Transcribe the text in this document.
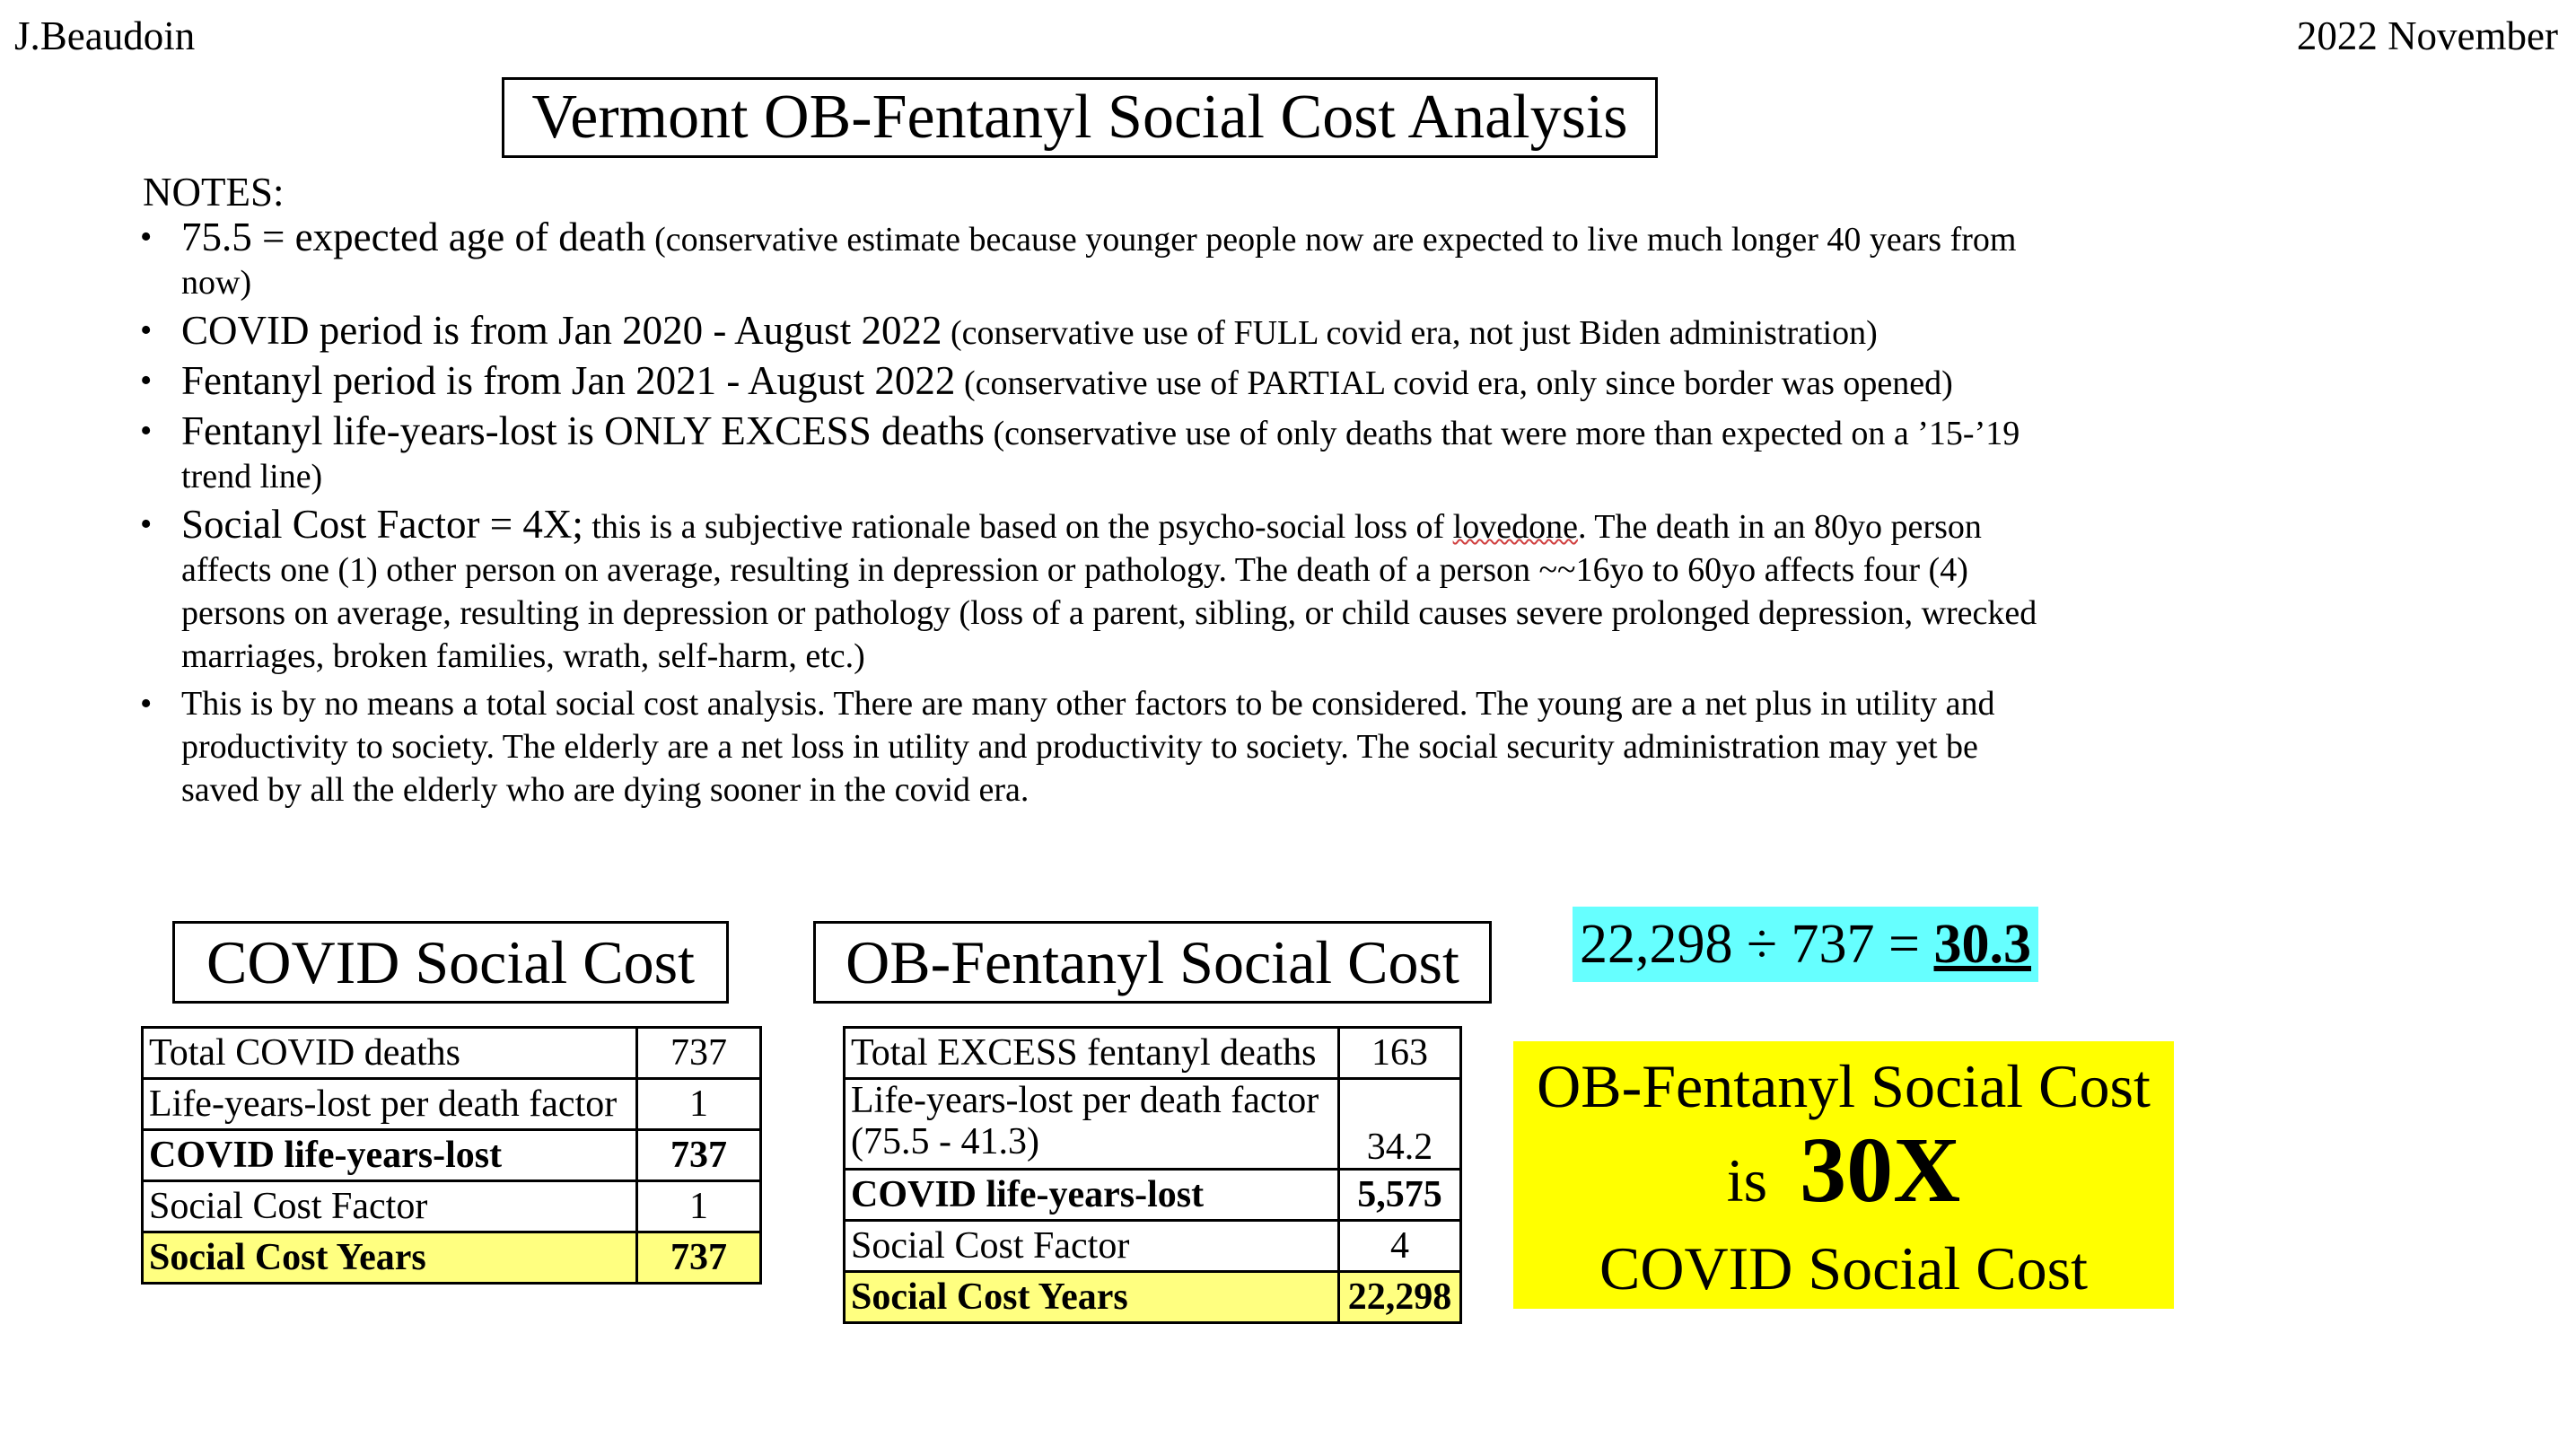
J.Beaudoin	2022 November
Vermont OB-Fentanyl Social Cost Analysis
NOTES:
• 75.5 = expected age of death (conservative estimate because younger people now are expected to live much longer 40 years from now)
• COVID period is from Jan 2020 - August 2022 (conservative use of FULL covid era, not just Biden administration)
• Fentanyl period is from Jan 2021 - August 2022 (conservative use of PARTIAL covid era, only since border was opened)
• Fentanyl life-years-lost is ONLY EXCESS deaths (conservative use of only deaths that were more than expected on a ’15-’19 trend line)
• Social Cost Factor = 4X; this is a subjective rationale based on the psycho-social loss of lovedone. The death in an 80yo person affects one (1) other person on average, resulting in depression or pathology. The death of a person ~~16yo to 60yo affects four (4) persons on average, resulting in depression or pathology (loss of a parent, sibling, or child causes severe prolonged depression, wrecked marriages, broken families, wrath, self-harm, etc.)
• This is by no means a total social cost analysis. There are many other factors to be considered. The young are a net plus in utility and productivity to society. The elderly are a net loss in utility and productivity to society. The social security administration may yet be saved by all the elderly who are dying sooner in the covid era.
COVID Social Cost	OB-Fentanyl Social Cost
Total COVID deaths	737
Life-years-lost per death factor	1
COVID life-years-lost	737
Social Cost Factor	1
Social Cost Years	737
Total EXCESS fentanyl deaths	163
Life-years-lost per death factor
(75.5 - 41.3)	34.2
COVID life-years-lost	5,575
Social Cost Factor	4
Social Cost Years	22,298
22,298 ÷ 737 = 30.3
OB-Fentanyl Social Cost
is 30X
COVID Social Cost
